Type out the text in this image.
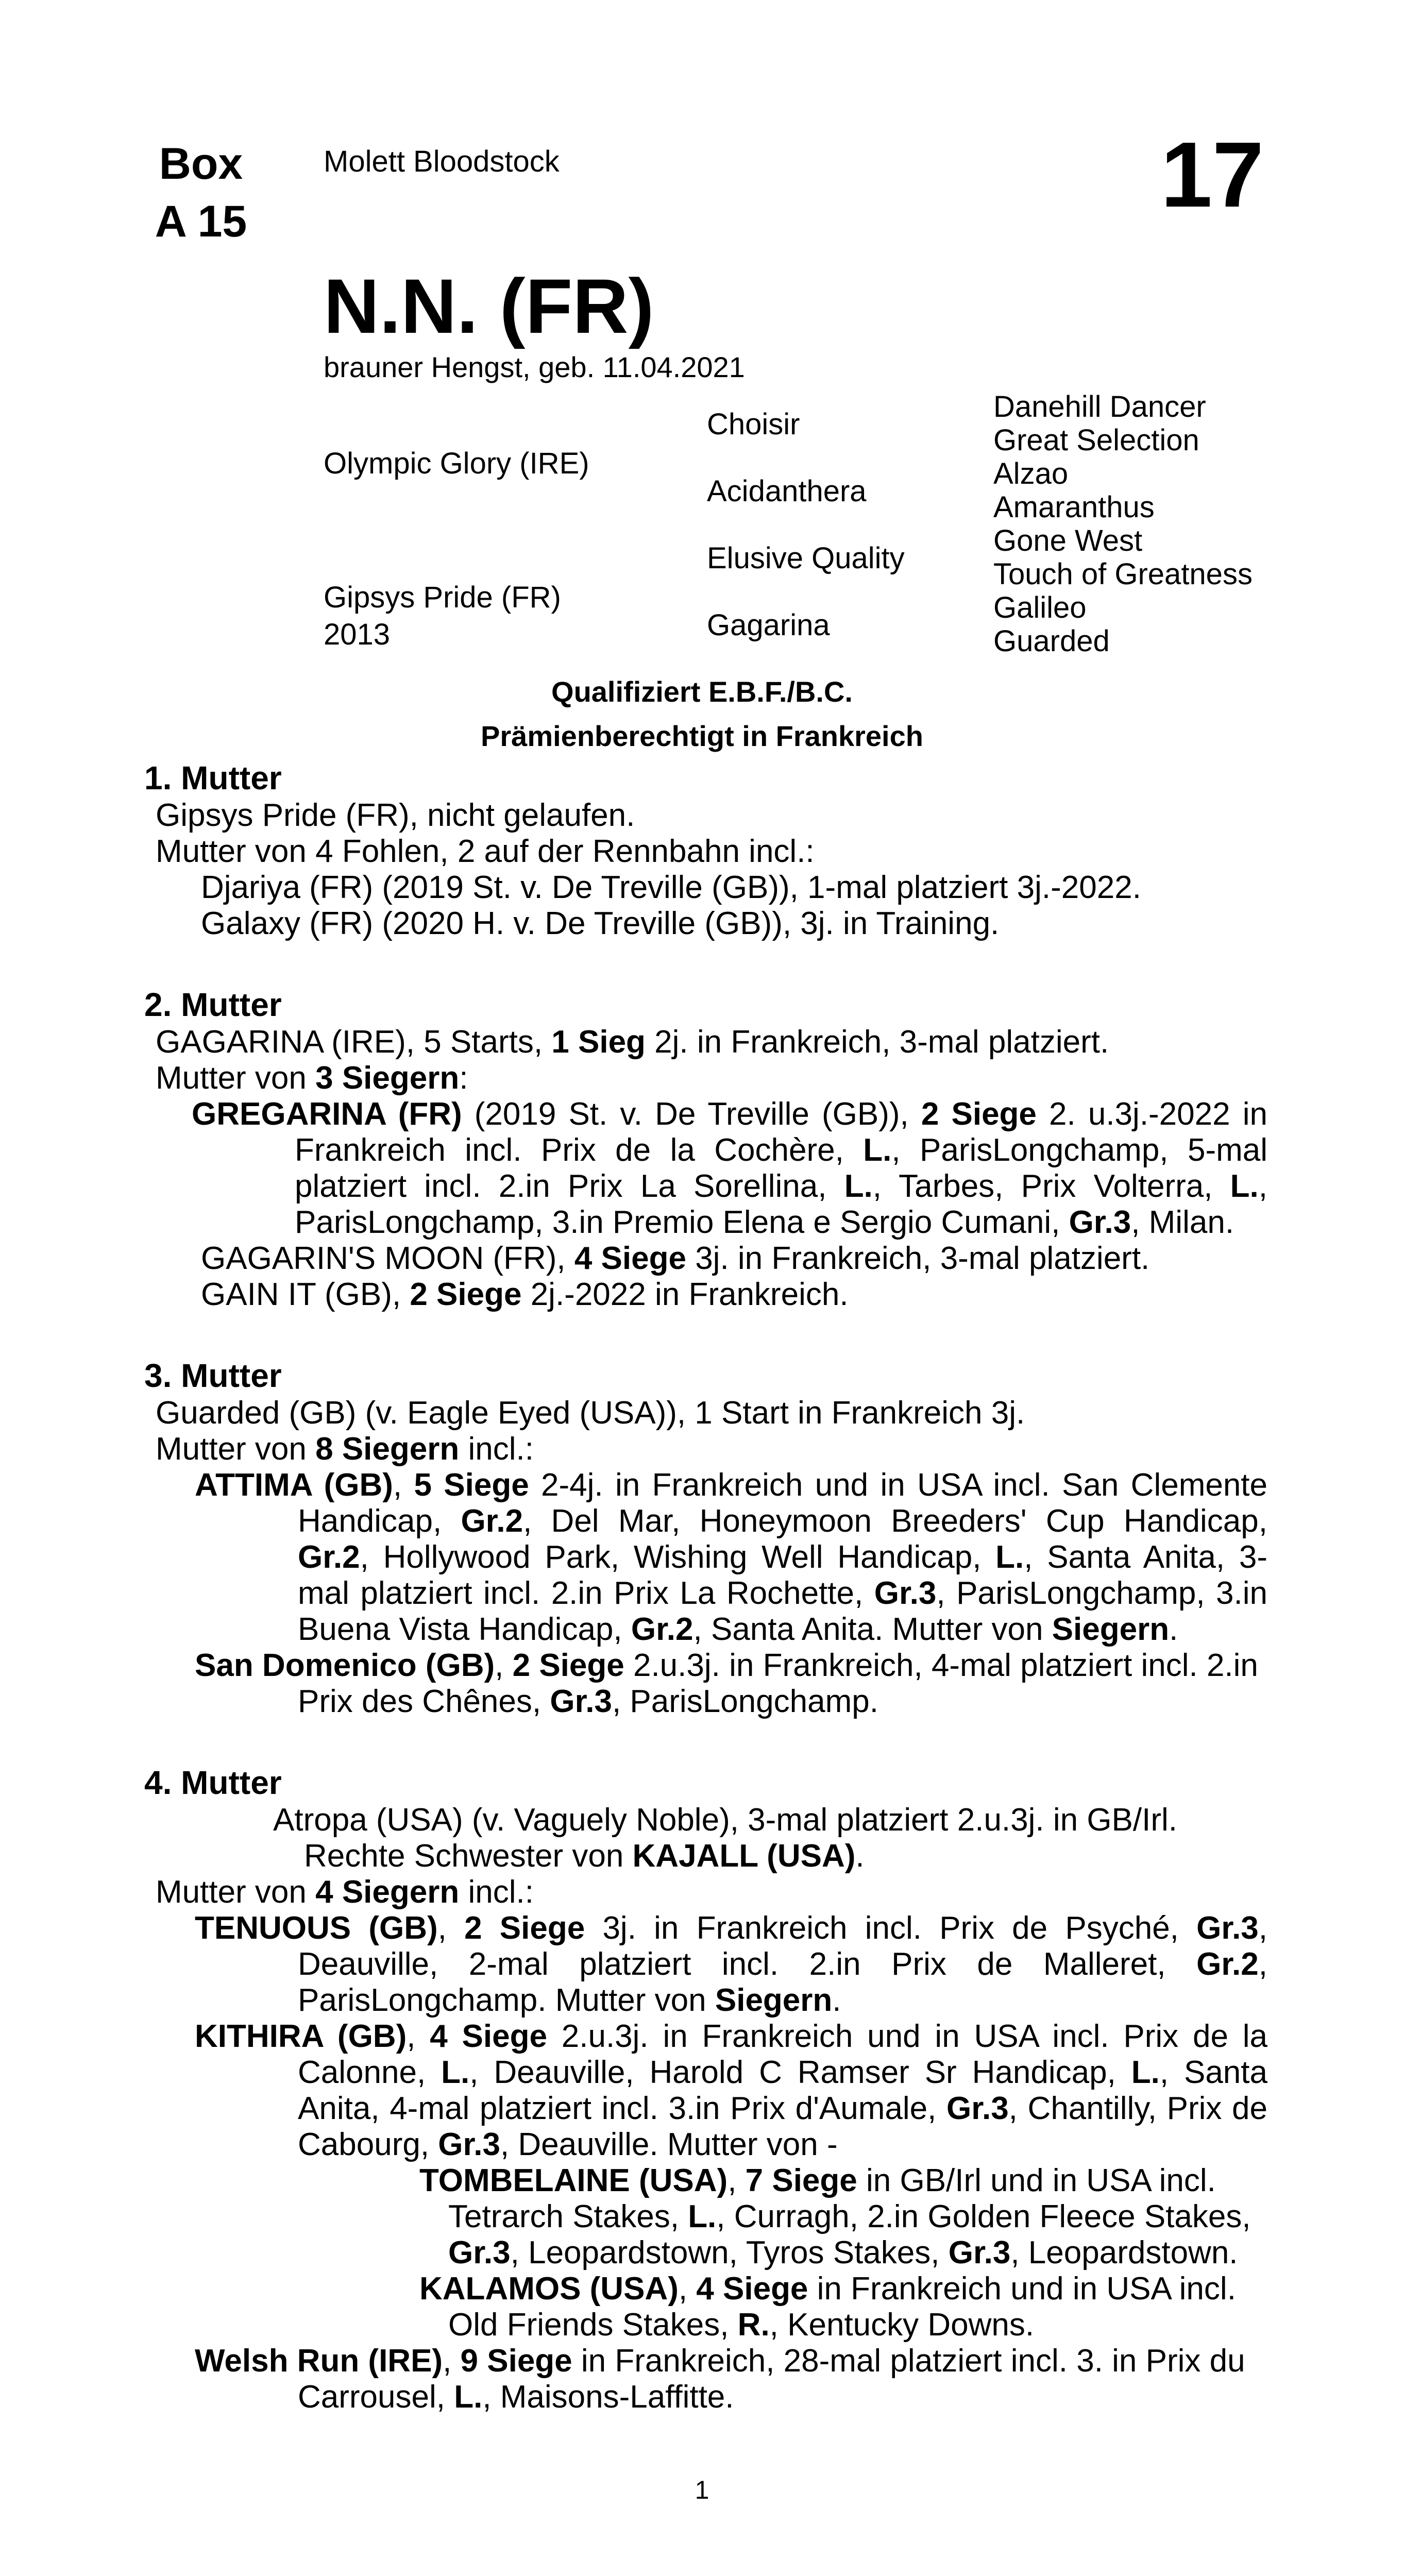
Box
A 15
Molett Bloodstock	17
N.N. (FR)
brauner Hengst, geb. 11.04.2021
Olympic Glory (IRE)
Gipsys Pride (FR)
2013
Choisir
Acidanthera
Elusive Quality
Gagarina
Danehill Dancer
Great Selection
Alzao
Amaranthus
Gone West
Touch of Greatness
Galileo
Guarded
Qualifiziert E.B.F./B.C.
Prämienberechtigt in Frankreich
1. Mutter
Gipsys Pride (FR), nicht gelaufen.
Mutter von 4 Fohlen, 2 auf der Rennbahn incl.:
Djariya (FR) (2019 St. v. De Treville (GB)), 1-mal platziert 3j.-2022.
Galaxy (FR) (2020 H. v. De Treville (GB)), 3j. in Training.
2. Mutter
GAGARINA (IRE), 5 Starts, 1 Sieg 2j. in Frankreich, 3-mal platziert.
Mutter von 3 Siegern:
GREGARINA (FR) (2019 St. v. De Treville (GB)), 2 Siege 2. u.3j.-2022 in Frankreich incl. Prix de la Cochère, L., ParisLongchamp, 5-mal platziert incl. 2.in Prix La Sorellina, L., Tarbes, Prix Volterra, L., ParisLongchamp, 3.in Premio Elena e Sergio Cumani, Gr.3, Milan.
GAGARIN'S MOON (FR), 4 Siege 3j. in Frankreich, 3-mal platziert.
GAIN IT (GB), 2 Siege 2j.-2022 in Frankreich.
3. Mutter
Guarded (GB) (v. Eagle Eyed (USA)), 1 Start in Frankreich 3j.
Mutter von 8 Siegern incl.:
ATTIMA (GB), 5 Siege 2-4j. in Frankreich und in USA incl. San Clemente Handicap, Gr.2, Del Mar, Honeymoon Breeders' Cup Handicap, Gr.2, Hollywood Park, Wishing Well Handicap, L., Santa Anita, 3-mal platziert incl. 2.in Prix La Rochette, Gr.3, ParisLongchamp, 3.in Buena Vista Handicap, Gr.2, Santa Anita. Mutter von Siegern.
San Domenico (GB), 2 Siege 2.u.3j. in Frankreich, 4-mal platziert incl. 2.in Prix des Chênes, Gr.3, ParisLongchamp.
4. Mutter
Atropa (USA) (v. Vaguely Noble), 3-mal platziert 2.u.3j. in GB/Irl. Rechte Schwester von KAJALL (USA).
Mutter von 4 Siegern incl.:
TENUOUS (GB), 2 Siege 3j. in Frankreich incl. Prix de Psyché, Gr.3, Deauville, 2-mal platziert incl. 2.in Prix de Malleret, Gr.2, ParisLongchamp. Mutter von Siegern.
KITHIRA (GB), 4 Siege 2.u.3j. in Frankreich und in USA incl. Prix de la Calonne, L., Deauville, Harold C Ramser Sr Handicap, L., Santa Anita, 4-mal platziert incl. 3.in Prix d'Aumale, Gr.3, Chantilly, Prix de Cabourg, Gr.3, Deauville. Mutter von -
TOMBELAINE (USA), 7 Siege in GB/Irl und in USA incl. Tetrarch Stakes, L., Curragh, 2.in Golden Fleece Stakes, Gr.3, Leopardstown, Tyros Stakes, Gr.3, Leopardstown.
KALAMOS (USA), 4 Siege in Frankreich und in USA incl. Old Friends Stakes, R., Kentucky Downs.
Welsh Run (IRE), 9 Siege in Frankreich, 28-mal platziert incl. 3. in Prix du Carrousel, L., Maisons-Laffitte.
1
